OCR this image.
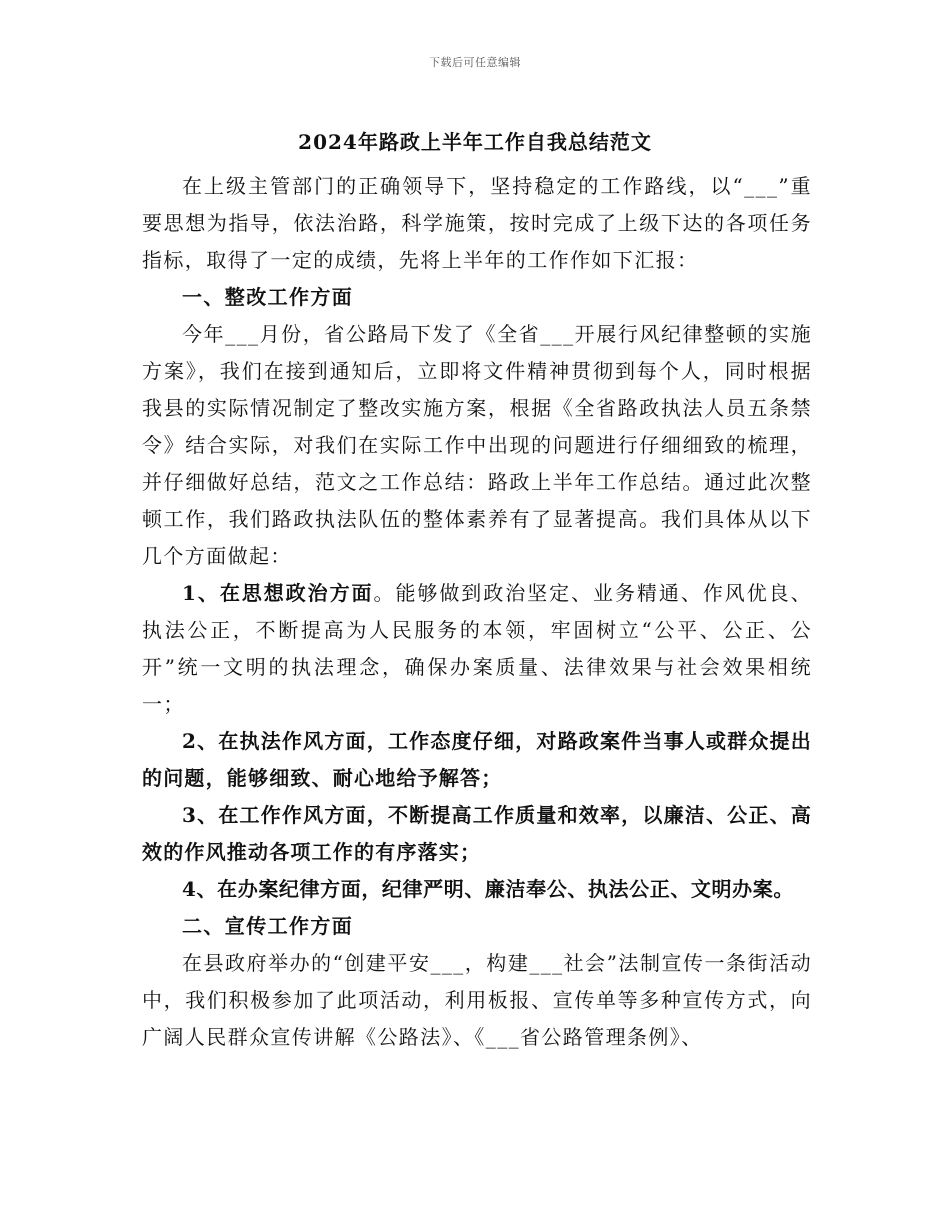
下载后可任意编辑
2024年路政上半年工作自我总结范文

在上级主管部门的正确领导下，坚持稳定的工作路线，以“___”重要思想为指导，依法治路，科学施策，按时完成了上级下达的各项任务指标，取得了一定的成绩，先将上半年的工作作如下汇报：

一、整改工作方面

今年___月份，省公路局下发了《全省___开展行风纪律整顿的实施方案》，我们在接到通知后，立即将文件精神贯彻到每个人，同时根据我县的实际情况制定了整改实施方案，根据《全省路政执法人员五条禁令》结合实际，对我们在实际工作中出现的问题进行仔细细致的梳理，并仔细做好总结，范文之工作总结：路政上半年工作总结。通过此次整顿工作，我们路政执法队伍的整体素养有了显著提高。我们具体从以下几个方面做起：

1、在思想政治方面。能够做到政治坚定、业务精通、作风优良、执法公正，不断提高为人民服务的本领，牢固树立“公平、公正、公开”统一文明的执法理念，确保办案质量、法律效果与社会效果相统一；

2、在执法作风方面，工作态度仔细，对路政案件当事人或群众提出的问题，能够细致、耐心地给予解答；

3、在工作作风方面，不断提高工作质量和效率，以廉洁、公正、高效的作风推动各项工作的有序落实；

4、在办案纪律方面，纪律严明、廉洁奉公、执法公正、文明办案。

二、宣传工作方面

在县政府举办的“创建平安___，构建___社会”法制宣传一条街活动中，我们积极参加了此项活动，利用板报、宣传单等多种宣传方式，向广阔人民群众宣传讲解《公路法》、《___省公路管理条例》、
